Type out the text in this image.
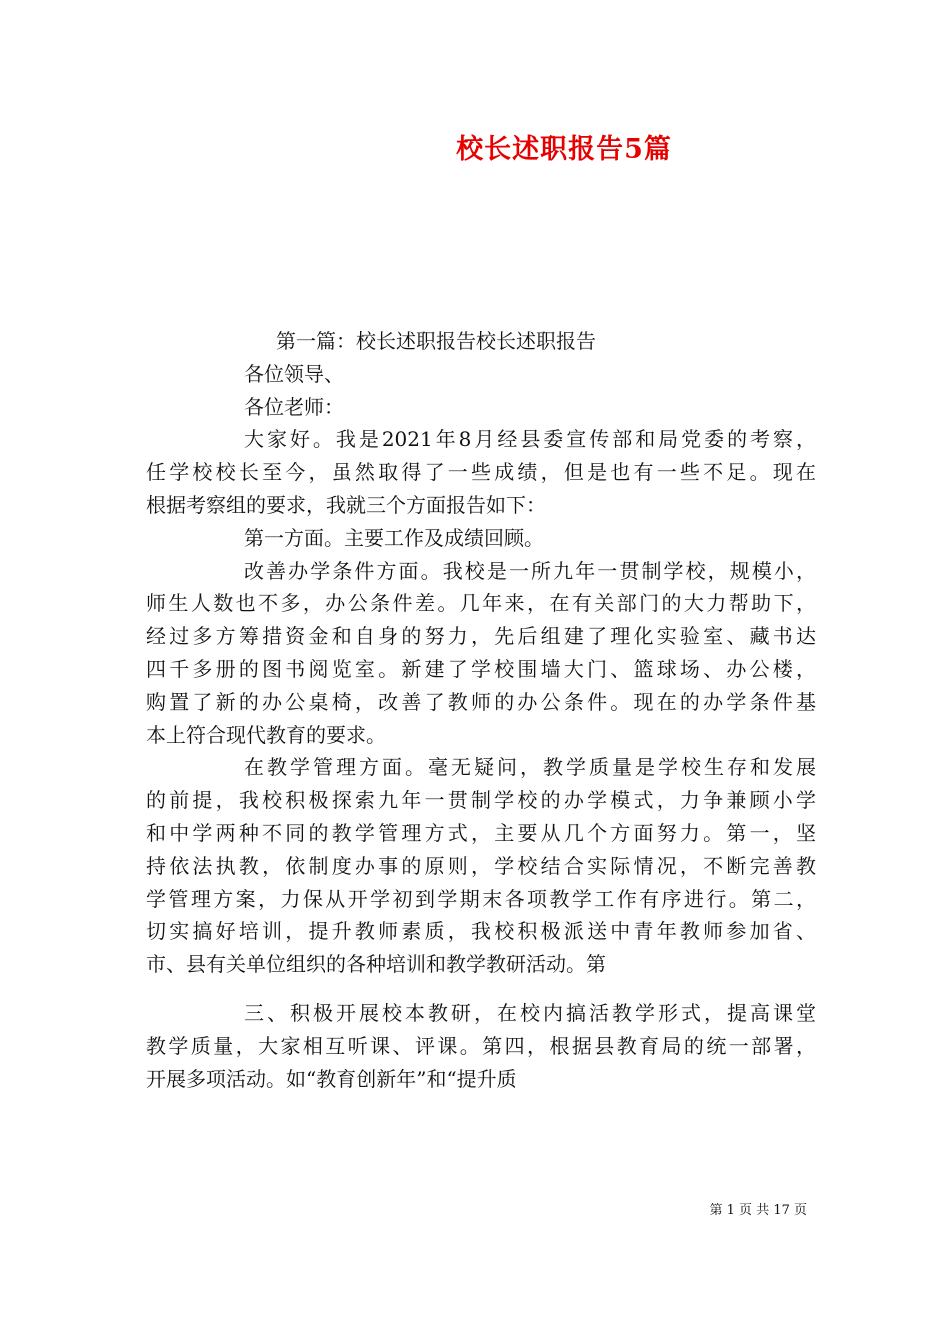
校长述职报告5篇
第一篇：校长述职报告校长述职报告
各位领导、
各位老师：
大家好。我是2021年8月经县委宣传部和局党委的考察，
任学校校长至今，虽然取得了一些成绩，但是也有一些不足。现在
根据考察组的要求，我就三个方面报告如下：
第一方面。主要工作及成绩回顾。
改善办学条件方面。我校是一所九年一贯制学校，规模小，
师生人数也不多，办公条件差。几年来，在有关部门的大力帮助下，
经过多方筹措资金和自身的努力，先后组建了理化实验室、藏书达
四千多册的图书阅览室。新建了学校围墙大门、篮球场、办公楼，
购置了新的办公桌椅，改善了教师的办公条件。现在的办学条件基
本上符合现代教育的要求。
在教学管理方面。毫无疑问，教学质量是学校生存和发展
的前提，我校积极探索九年一贯制学校的办学模式，力争兼顾小学
和中学两种不同的教学管理方式，主要从几个方面努力。第一，坚
持依法执教，依制度办事的原则，学校结合实际情况，不断完善教
学管理方案，力保从开学初到学期末各项教学工作有序进行。第二，
切实搞好培训，提升教师素质，我校积极派送中青年教师参加省、
市、县有关单位组织的各种培训和教学教研活动。第
三、积极开展校本教研，在校内搞活教学形式，提高课堂
教学质量，大家相互听课、评课。第四，根据县教育局的统一部署，
开展多项活动。如“教育创新年”和“提升质
第 1 页 共 17 页
